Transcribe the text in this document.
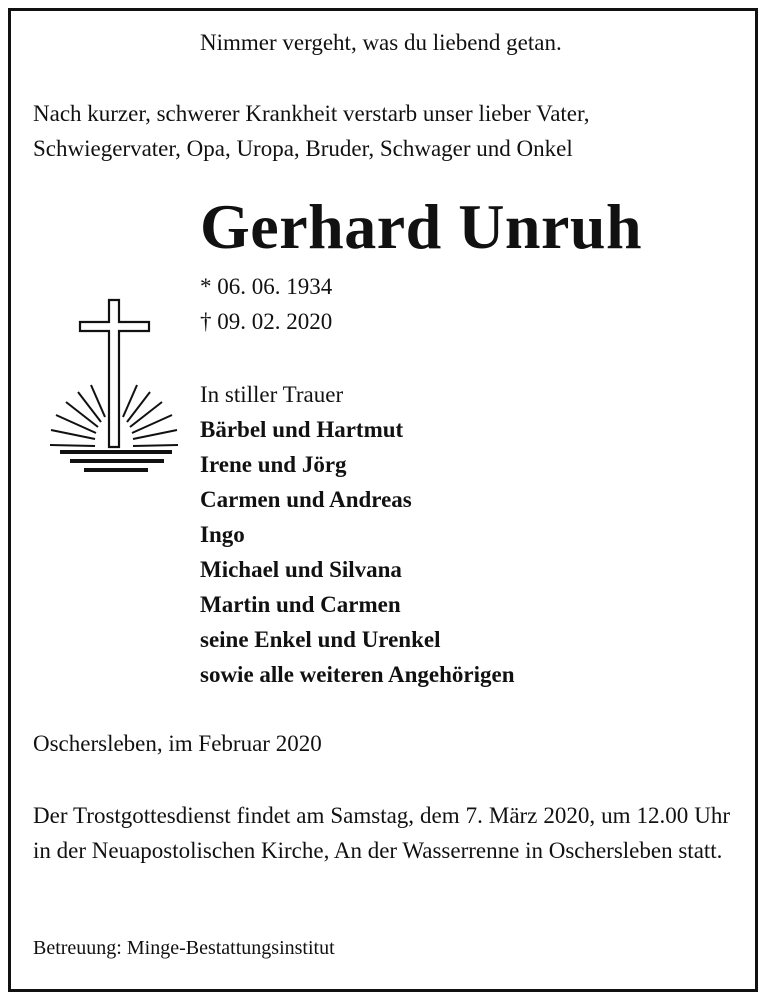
Nimmer vergeht, was du liebend getan.
Nach kurzer, schwerer Krankheit verstarb unser lieber Vater,
Schwiegervater, Opa, Uropa, Bruder, Schwager und Onkel
Gerhard Unruh
* 06. 06. 1934
† 09. 02. 2020
In stiller Trauer
Bärbel und Hartmut
Irene und Jörg
Carmen und Andreas
Ingo
Michael und Silvana
Martin und Carmen
seine Enkel und Urenkel
sowie alle weiteren Angehörigen
Oschersleben, im Februar 2020
Der Trostgottesdienst findet am Samstag, dem 7. März 2020, um 12.00 Uhr in der Neuapostolischen Kirche, An der Wasserrenne in Oschersleben statt.
Betreuung: Minge-Bestattungsinstitut
